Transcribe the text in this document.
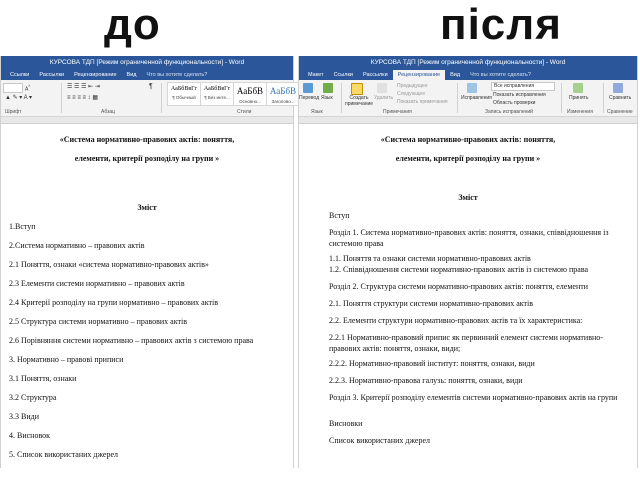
до	після
КУРСОВА ТДП [Режим ограниченной функциональности] - Word
Ссылки	Рассылки	Рецензирование	Вид	Что вы хотите сделать?
A^
▲ ✎ ▾ A ▾
☰ ☰ ☰ ⇤ ⇥
≡ ≡ ≡ ≡ ↕ ▦
¶	АаБбВвГг
¶ Обычный
АаБбВвГг
¶ Без инте...
АаБбВ
Основно...
АаБбВ
Заголово...
Шрифт	Абзац	Стили
«Система нормативно-правових актів: поняття,
елементи, критерії розподілу на групи »
Зміст
1.Вступ
2.Система нормативно – правових актів
2.1 Поняття, ознаки «система нормативно-правових актів»
2.3 Елементи системи нормативно – правових актів
2.4 Критерії розподілу на групи нормативно – правових актів
2.5 Структура системи нормативно – правових актів
2.6 Порівняння системи нормативно – правових актів з системою права
3. Нормативно – правові приписи
3.1 Поняття, ознаки
3.2 Структура
3.3 Види
4. Висновок
5. Список використаних джерел
КУРСОВА ТДП [Режим ограниченной функциональности] - Word
Макет	Ссылки	Рассылки	Рецензирование	Вид	Что вы хотите сделать?
Перевод Язык	Создать примечание
Удалить
Предыдущее
Следующее
Показать примечания
Исправления
Все исправления
Показать исправления
Область проверки
Принять	Сравнить
Язык	Примечания	Запись исправлений	Изменения	Сравнение
«Система нормативно-правових актів: поняття,
елементи, критерії розподілу на групи »
Зміст
Вступ
Розділ 1. Система нормативно-правових актів: поняття, ознаки, співвідношення із системою права
1.1. Поняття та ознаки системи нормативно-правових актів
1.2. Співвідношення системи нормативно-правових актів із системою права
Розділ 2. Структура системи нормативно-правових актів: поняття, елементи
2.1. Поняття структури системи нормативно-правових актів
2.2. Елементи структури нормативно-правових актів та їх характеристика:
2.2.1 Нормативно-правовий припис як первинний елемент системи нормативно-правових актів: поняття, ознаки, види;
2.2.2. Нормативно-правовий інститут: поняття, ознаки, види
2.2.3. Нормативно-правова галузь: поняття, ознаки, види
Розділ 3. Критерії розподілу елементів системи нормативно-правових актів на групи
Висновки
Список використаних джерел
